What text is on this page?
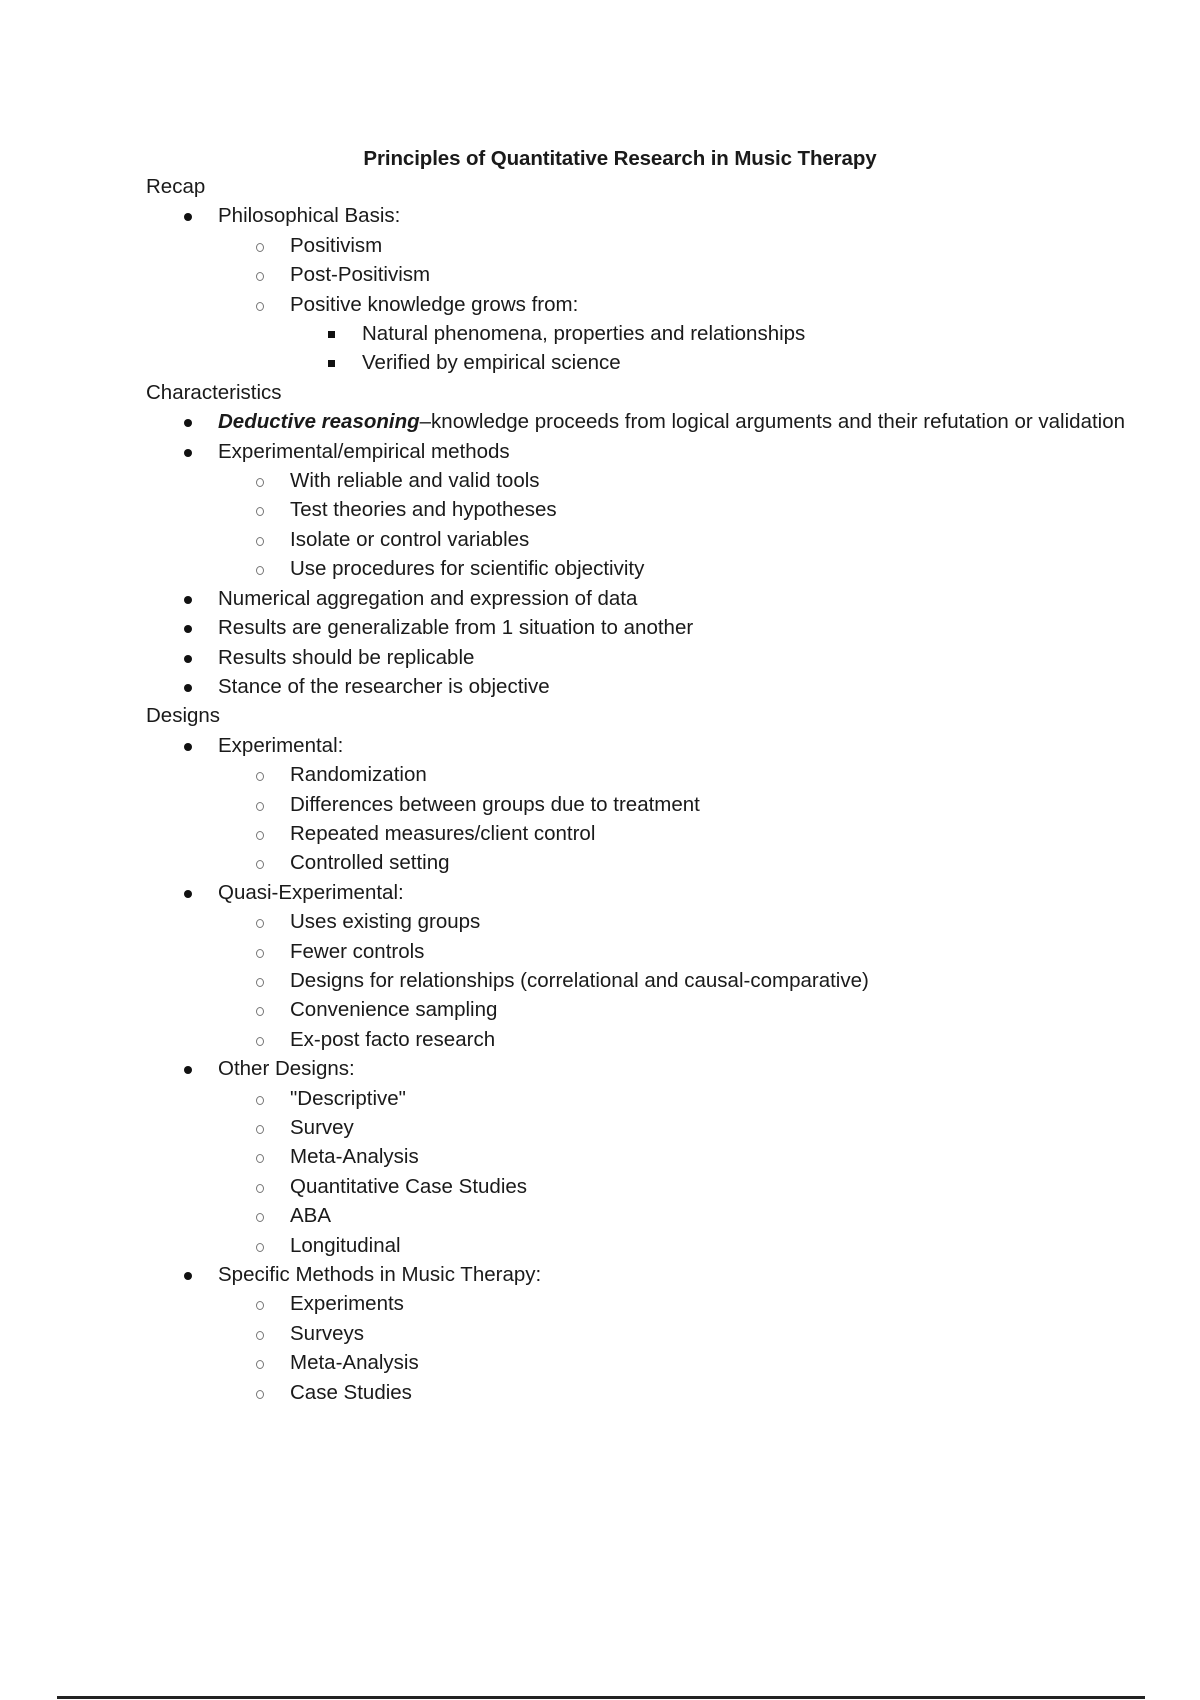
Principles of Quantitative Research in Music Therapy
Recap
Philosophical Basis:
Positivism
Post-Positivism
Positive knowledge grows from:
Natural phenomena, properties and relationships
Verified by empirical science
Characteristics
Deductive reasoning–knowledge proceeds from logical arguments and their refutation or validation
Experimental/empirical methods
With reliable and valid tools
Test theories and hypotheses
Isolate or control variables
Use procedures for scientific objectivity
Numerical aggregation and expression of data
Results are generalizable from 1 situation to another
Results should be replicable
Stance of the researcher is objective
Designs
Experimental:
Randomization
Differences between groups due to treatment
Repeated measures/client control
Controlled setting
Quasi-Experimental:
Uses existing groups
Fewer controls
Designs for relationships (correlational and causal-comparative)
Convenience sampling
Ex-post facto research
Other Designs:
"Descriptive"
Survey
Meta-Analysis
Quantitative Case Studies
ABA
Longitudinal
Specific Methods in Music Therapy:
Experiments
Surveys
Meta-Analysis
Case Studies
